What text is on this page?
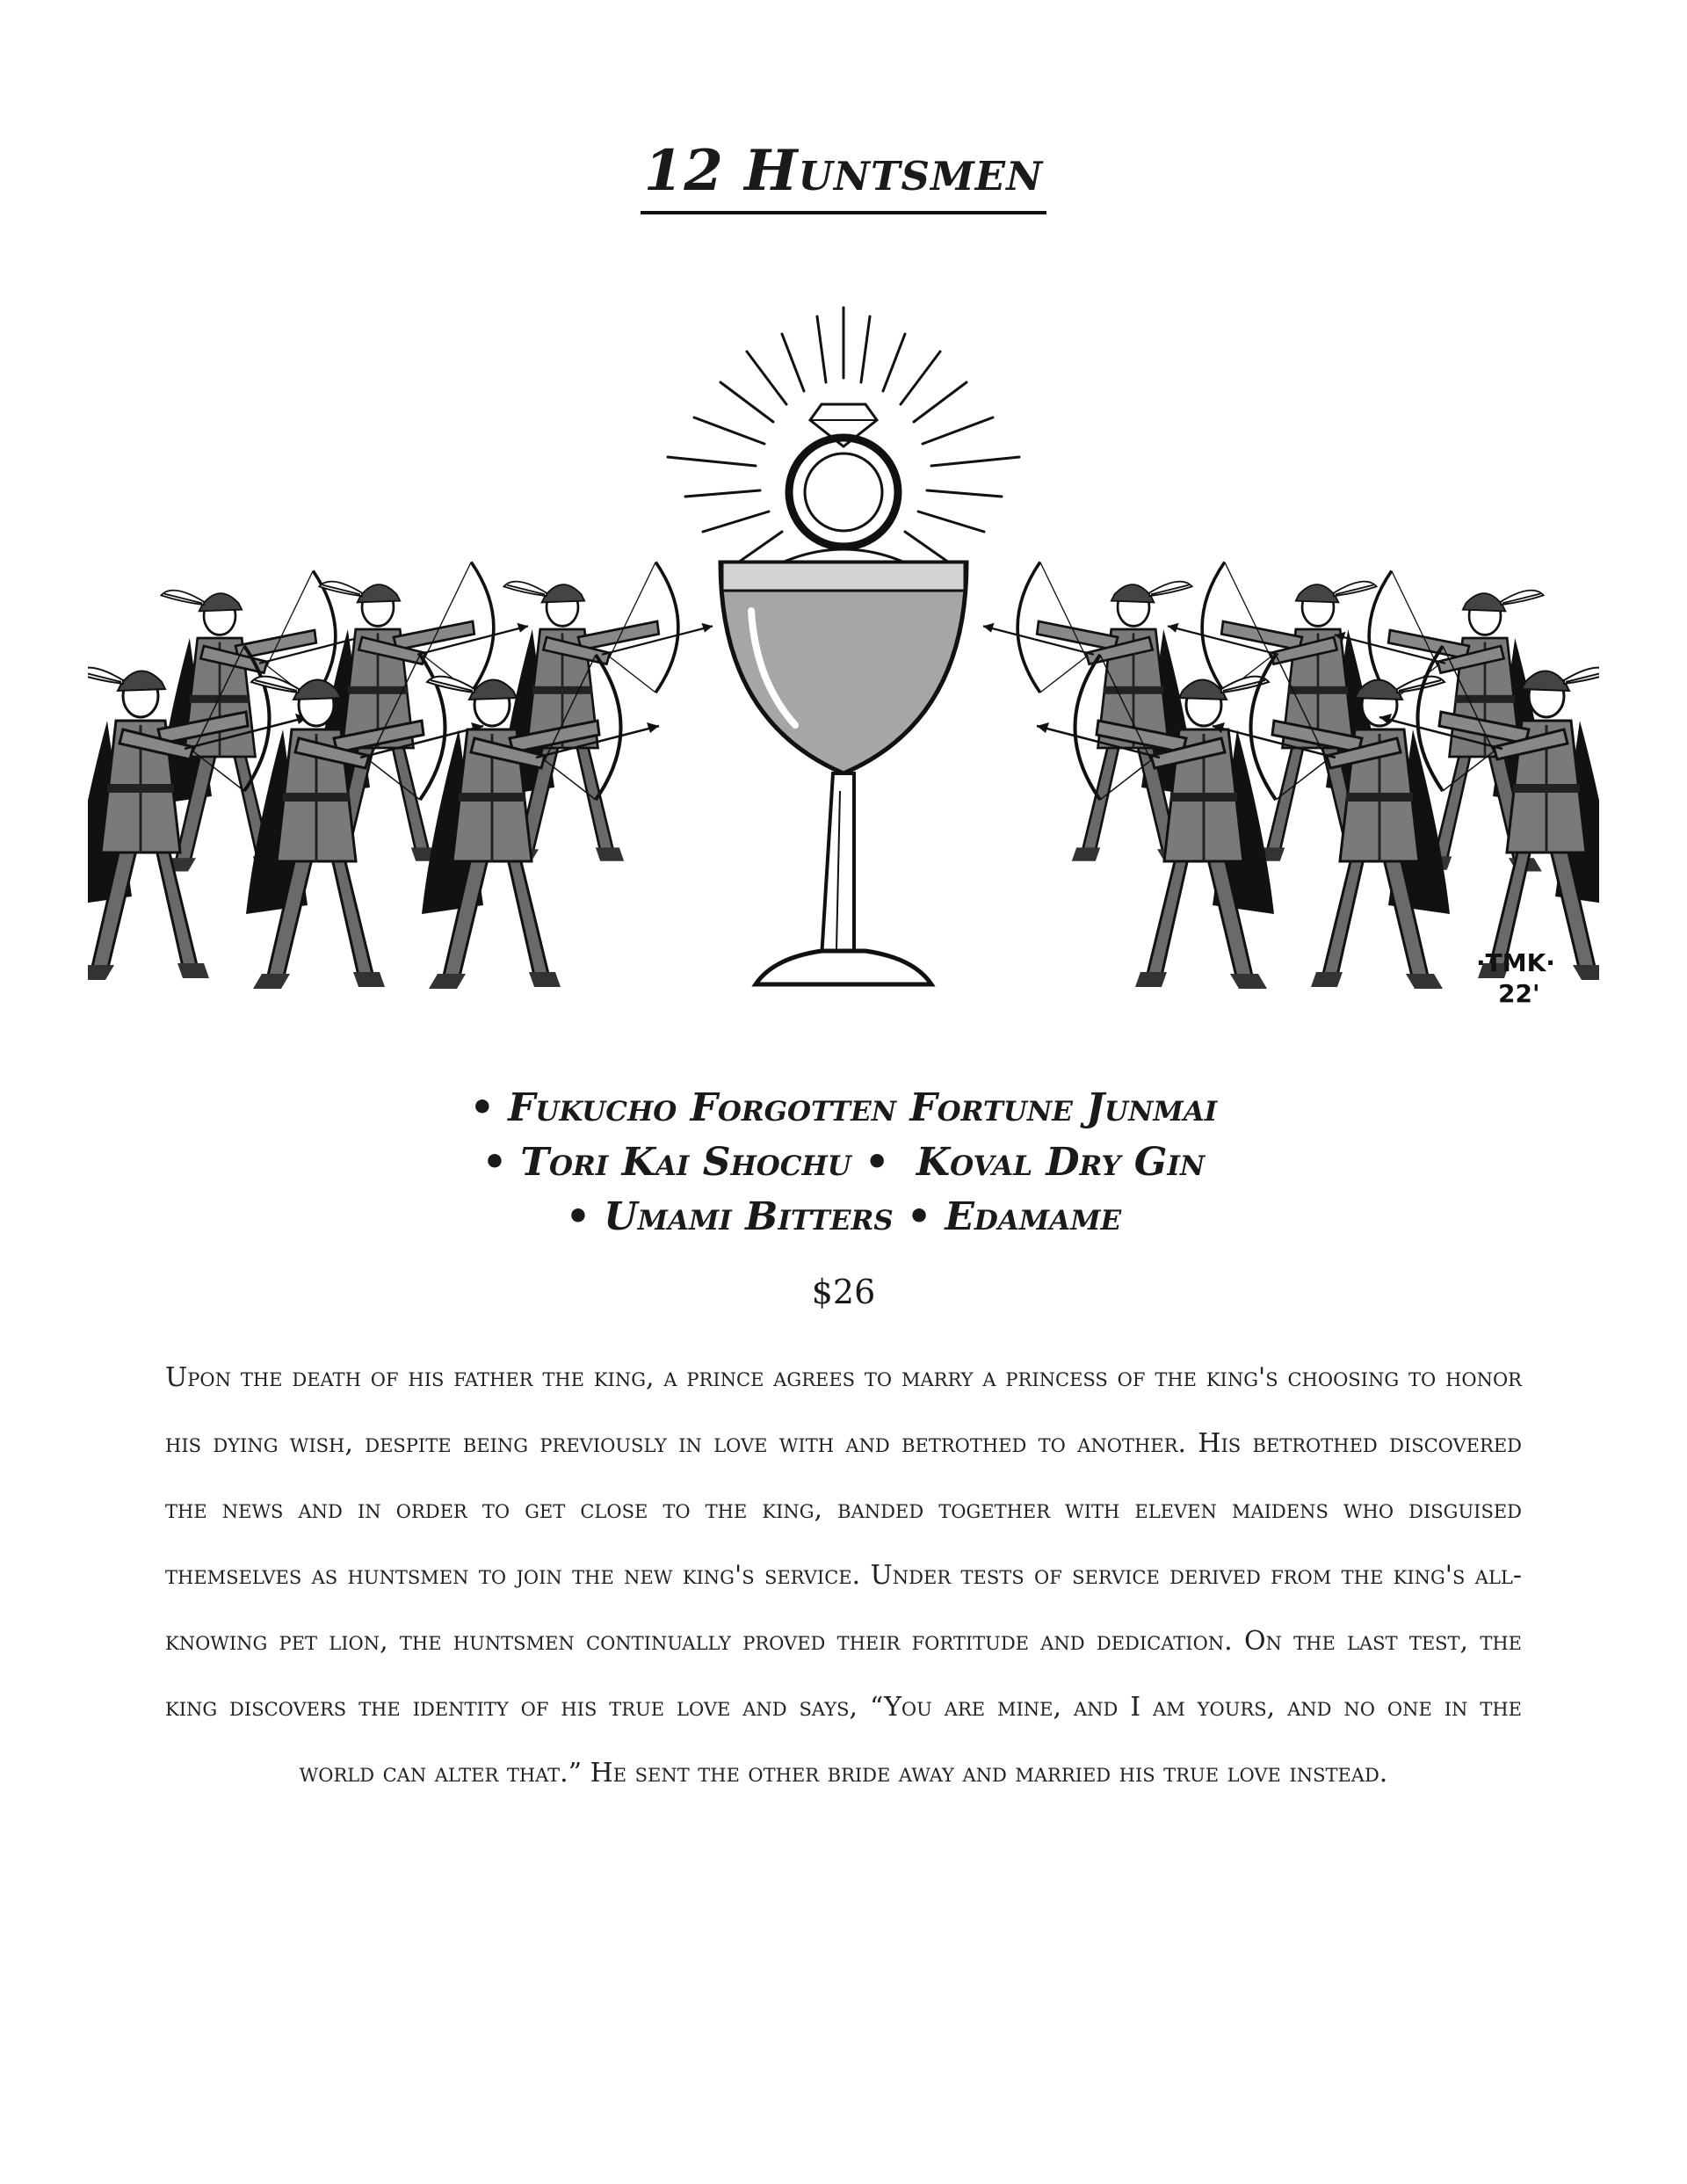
12 Huntsmen
·TMK·
22'
• Fukucho Forgotten Fortune Junmai
• Tori Kai Shochu •  Koval Dry Gin
• Umami Bitters • Edamame
$26
Upon the death of his father the king, a prince agrees to marry a princess of the king's choosing to honor his dying wish, despite being previously in love with and betrothed to another. His betrothed discovered the news and in order to get close to the king, banded together with eleven maidens who disguised themselves as huntsmen to join the new king's service. Under tests of service derived from the king's all-knowing pet lion, the huntsmen continually proved their fortitude and dedication. On the last test, the king discovers the identity of his true love and says, “You are mine, and I am yours, and no one in the world can alter that.” He sent the other bride away and married his true love instead.
